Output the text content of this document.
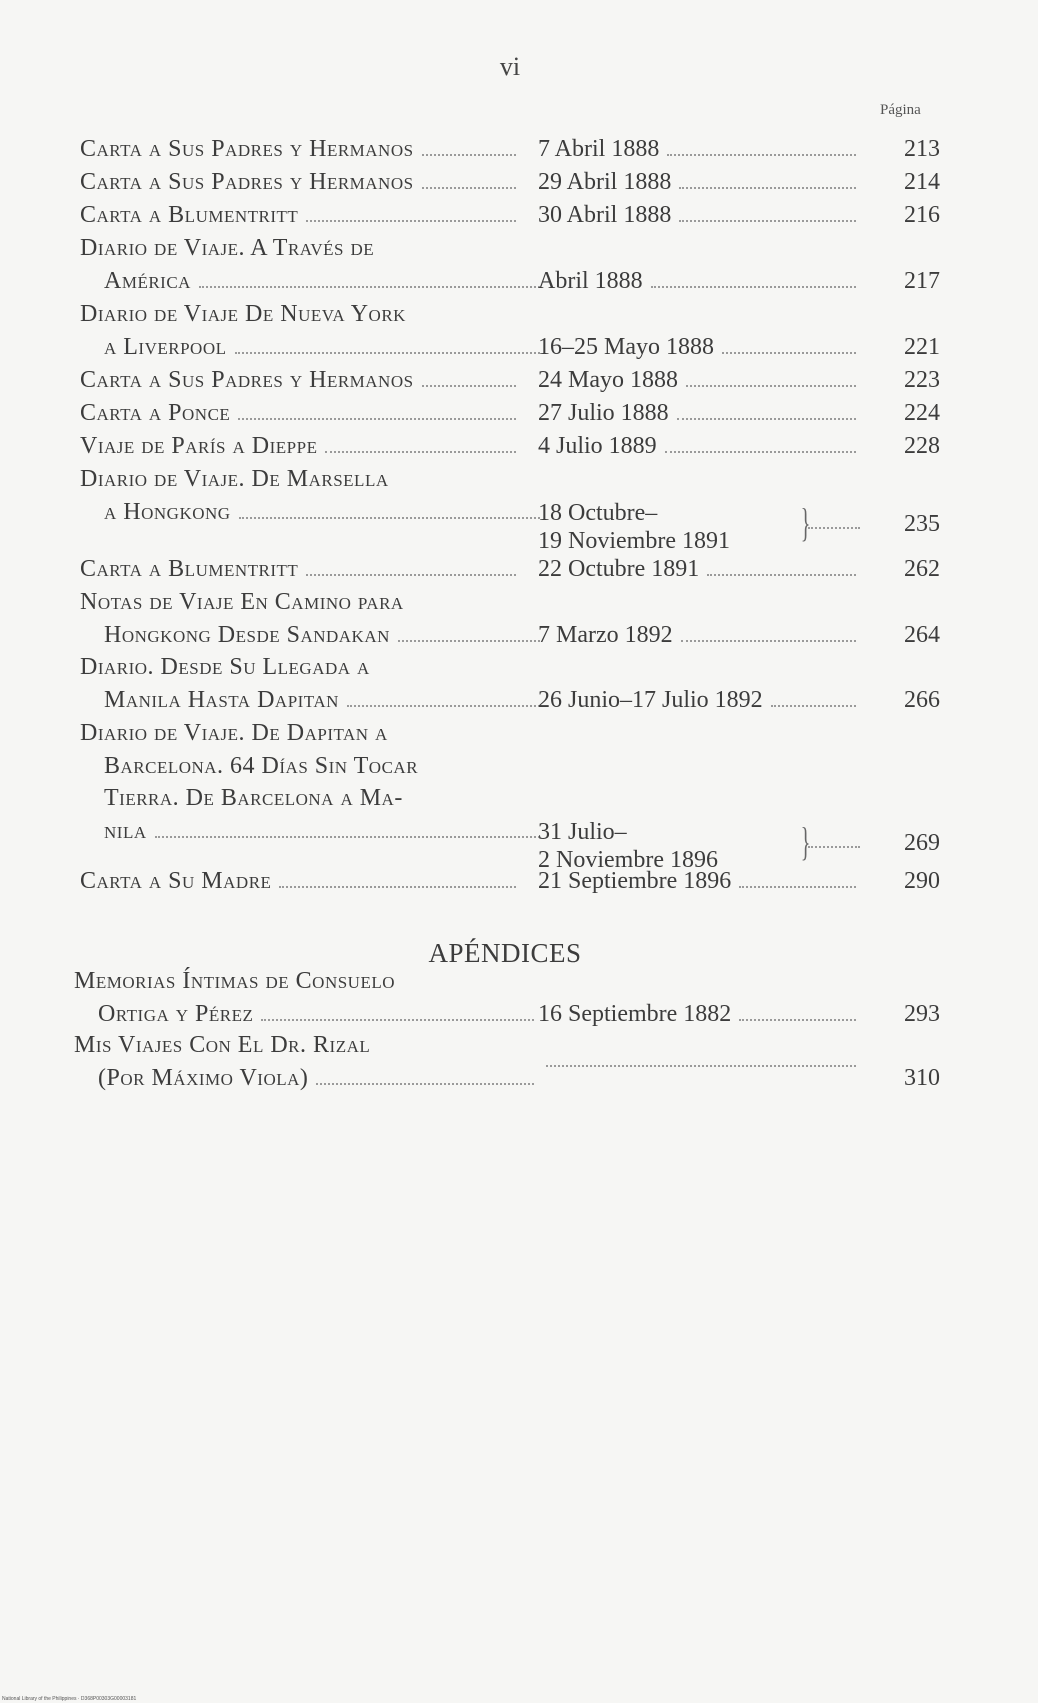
vi
Página
Carta a Sus Padres y Hermanos	7 Abril 1888	213
Carta a Sus Padres y Hermanos	29 Abril 1888	214
Carta a Blumentritt	30 Abril 1888	216
Diario de Viaje. A Través de
América	Abril 1888	217
Diario de Viaje De Nueva York
a Liverpool	16–25 Mayo 1888	221
Carta a Sus Padres y Hermanos	24 Mayo 1888	223
Carta a Ponce	27 Julio 1888	224
Viaje de París a Dieppe	4 Julio 1889	228
Diario de Viaje. De Marsella
a Hongkong	18 Octubre–
19 Noviembre 1891	}	235
Carta a Blumentritt	22 Octubre 1891	262
Notas de Viaje En Camino para
Hongkong Desde Sandakan	7 Marzo 1892	264
Diario. Desde Su Llegada a
Manila Hasta Dapitan	26 Junio–17 Julio 1892	266
Diario de Viaje. De Dapitan a
Barcelona. 64 Días Sin Tocar
Tierra. De Barcelona a Ma-
nila	31 Julio–
2 Noviembre 1896	}	269
Carta a Su Madre	21 Septiembre 1896	290
Memorias Íntimas de Consuelo
Ortiga y Pérez	16 Septiembre 1882	293
Mis Viajes Con El Dr. Rizal
(Por Máximo Viola)	310
APÉNDICES
National Library of the Philippines · D368P00303G00003181
